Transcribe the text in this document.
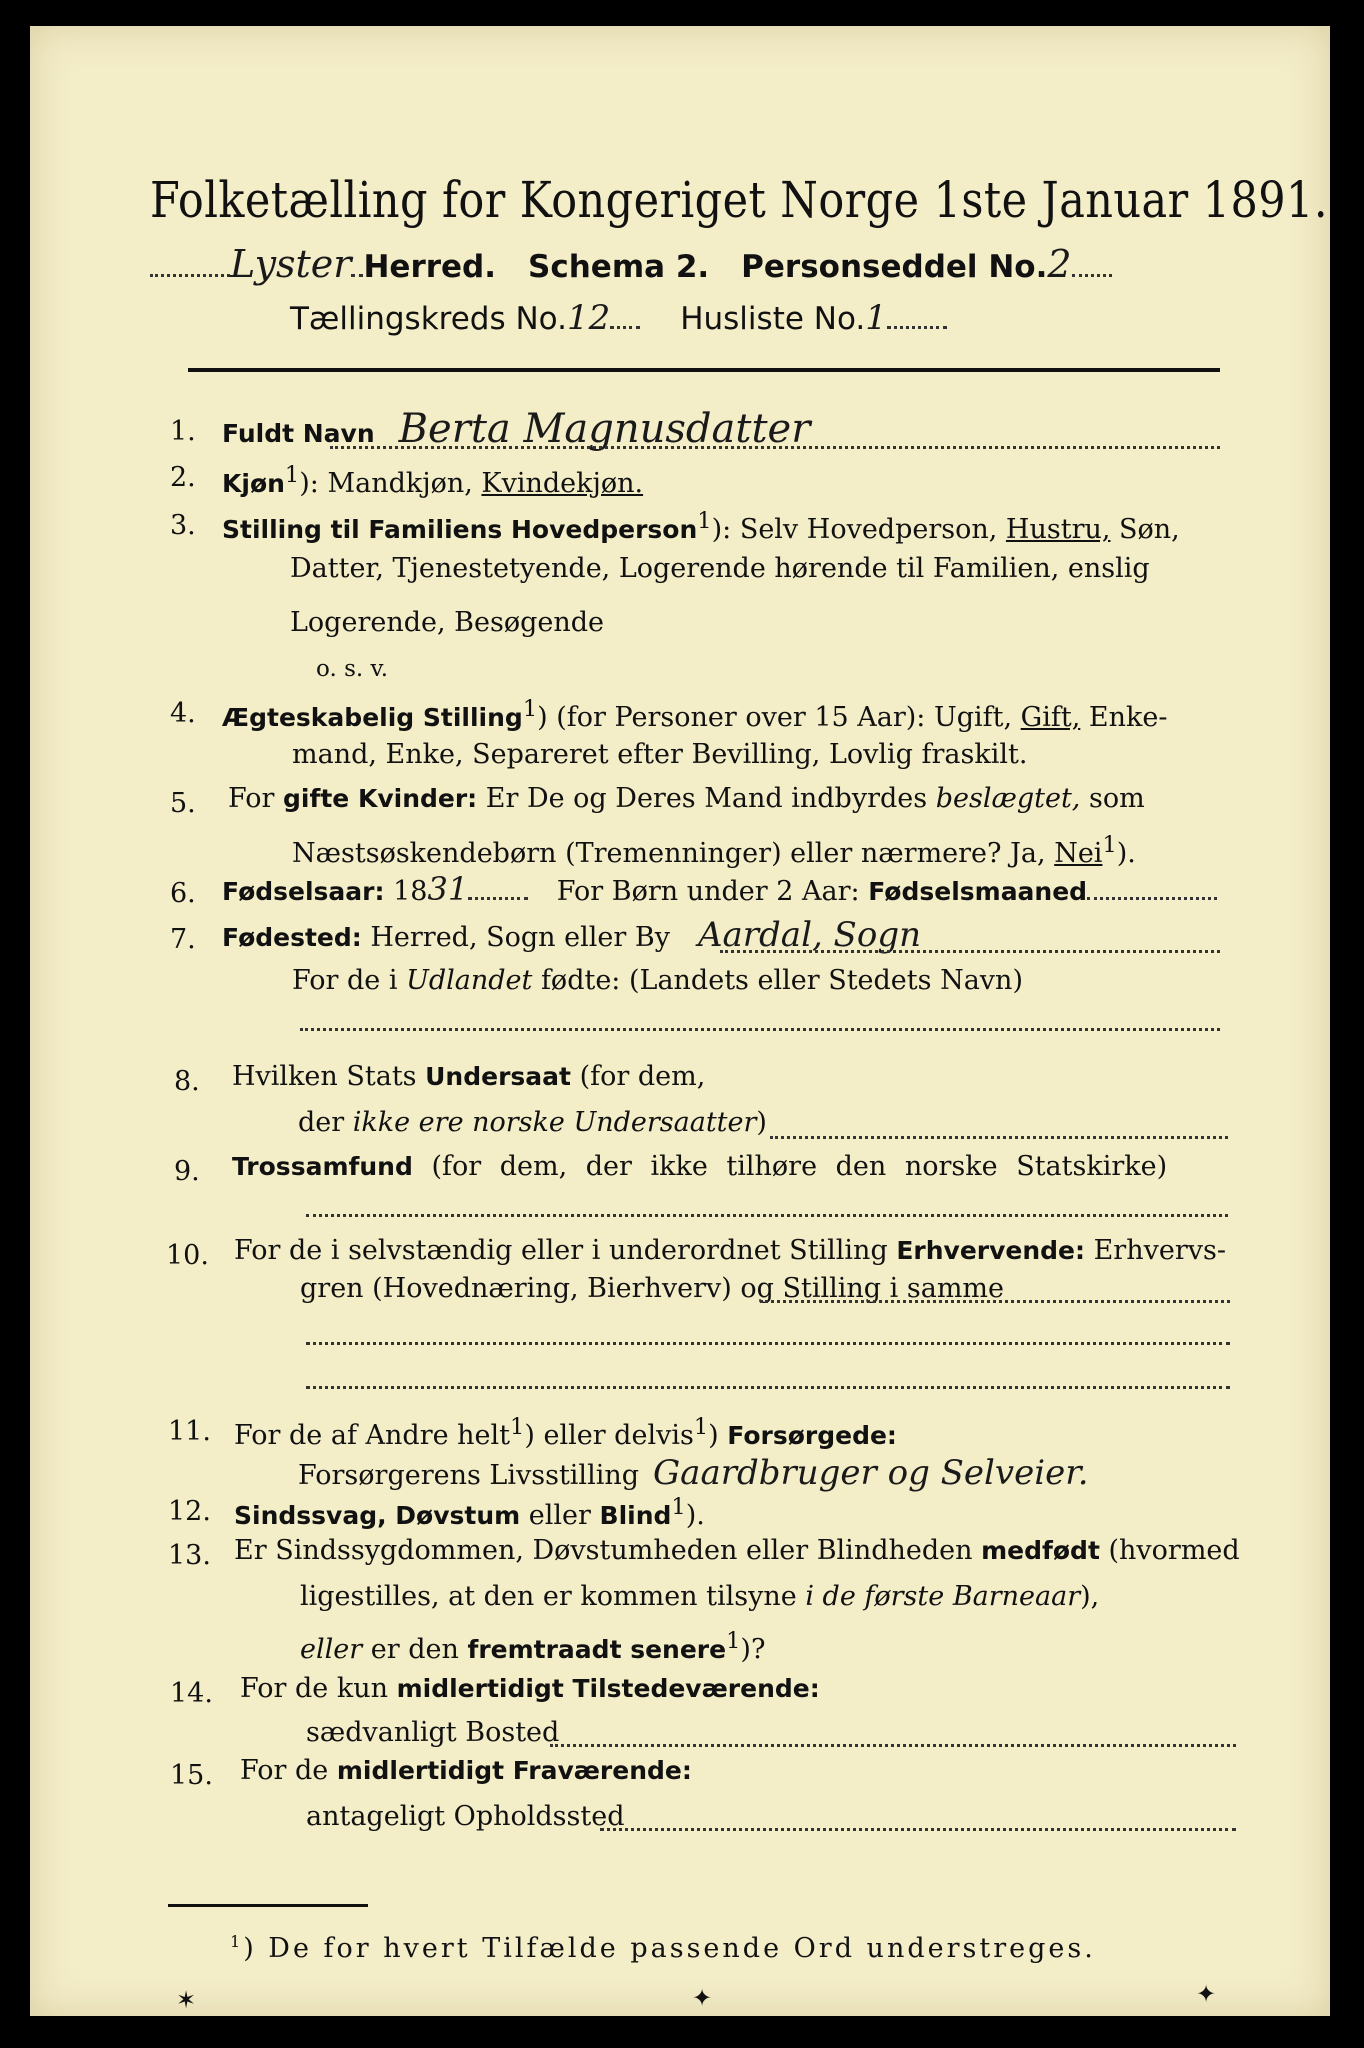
Folketælling for Kongeriget Norge 1ste Januar 1891.
Lyster Herred. Schema 2. Personseddel No.2
Tællingskreds No.12 Husliste No.1
1. Fuldt Navn Berta Magnusdatter
2. Kjøn$^1$): Mandkjøn, Kvindekjøn.
3. Stilling til Familiens Hovedperson$^1$): Selv Hovedperson, Hustru, Søn,
Datter, Tjenestetyende, Logerende hørende til Familien, enslig
Logerende, Besøgende
o. s. v.
4. Ægteskabelig Stilling$^1$) (for Personer over 15 Aar): Ugift, Gift, Enke-
mand, Enke, Separeret efter Bevilling, Lovlig fraskilt.
5. For gifte Kvinder: Er De og Deres Mand indbyrdes beslægtet, som
Næstsøskendebørn (Tremenninger) eller nærmere? Ja, Nei$^1$).
6. Fødselsaar: 1831	For Børn under 2 Aar: Fødselsmaaned
7. Fødested: Herred, Sogn eller By Aardal, Sogn
For de i Udlandet fødte: (Landets eller Stedets Navn)
8. Hvilken Stats Undersaat (for dem,
der ikke ere norske Undersaatter)
9. Trossamfund (for dem, der ikke tilhøre den norske Statskirke)
10. For de i selvstændig eller i underordnet Stilling Erhvervende: Erhvervs-
gren (Hovednæring, Bierhverv) og Stilling i samme
11. For de af Andre helt$^1$) eller delvis$^1$) Forsørgede:
Forsørgerens Livsstilling Gaardbruger og Selveier.
12. Sindssvag, Døvstum eller Blind$^1$).
13. Er Sindssygdommen, Døvstumheden eller Blindheden medfødt (hvormed
ligestilles, at den er kommen tilsyne i de første Barneaar),
eller er den fremtraadt senere$^1$)?
14. For de kun midlertidigt Tilstedeværende:
sædvanligt Bosted
15. For de midlertidigt Fraværende:
antageligt Opholdssted
$^1$) De for hvert Tilfælde passende Ord understreges.
✶	✦	✦
